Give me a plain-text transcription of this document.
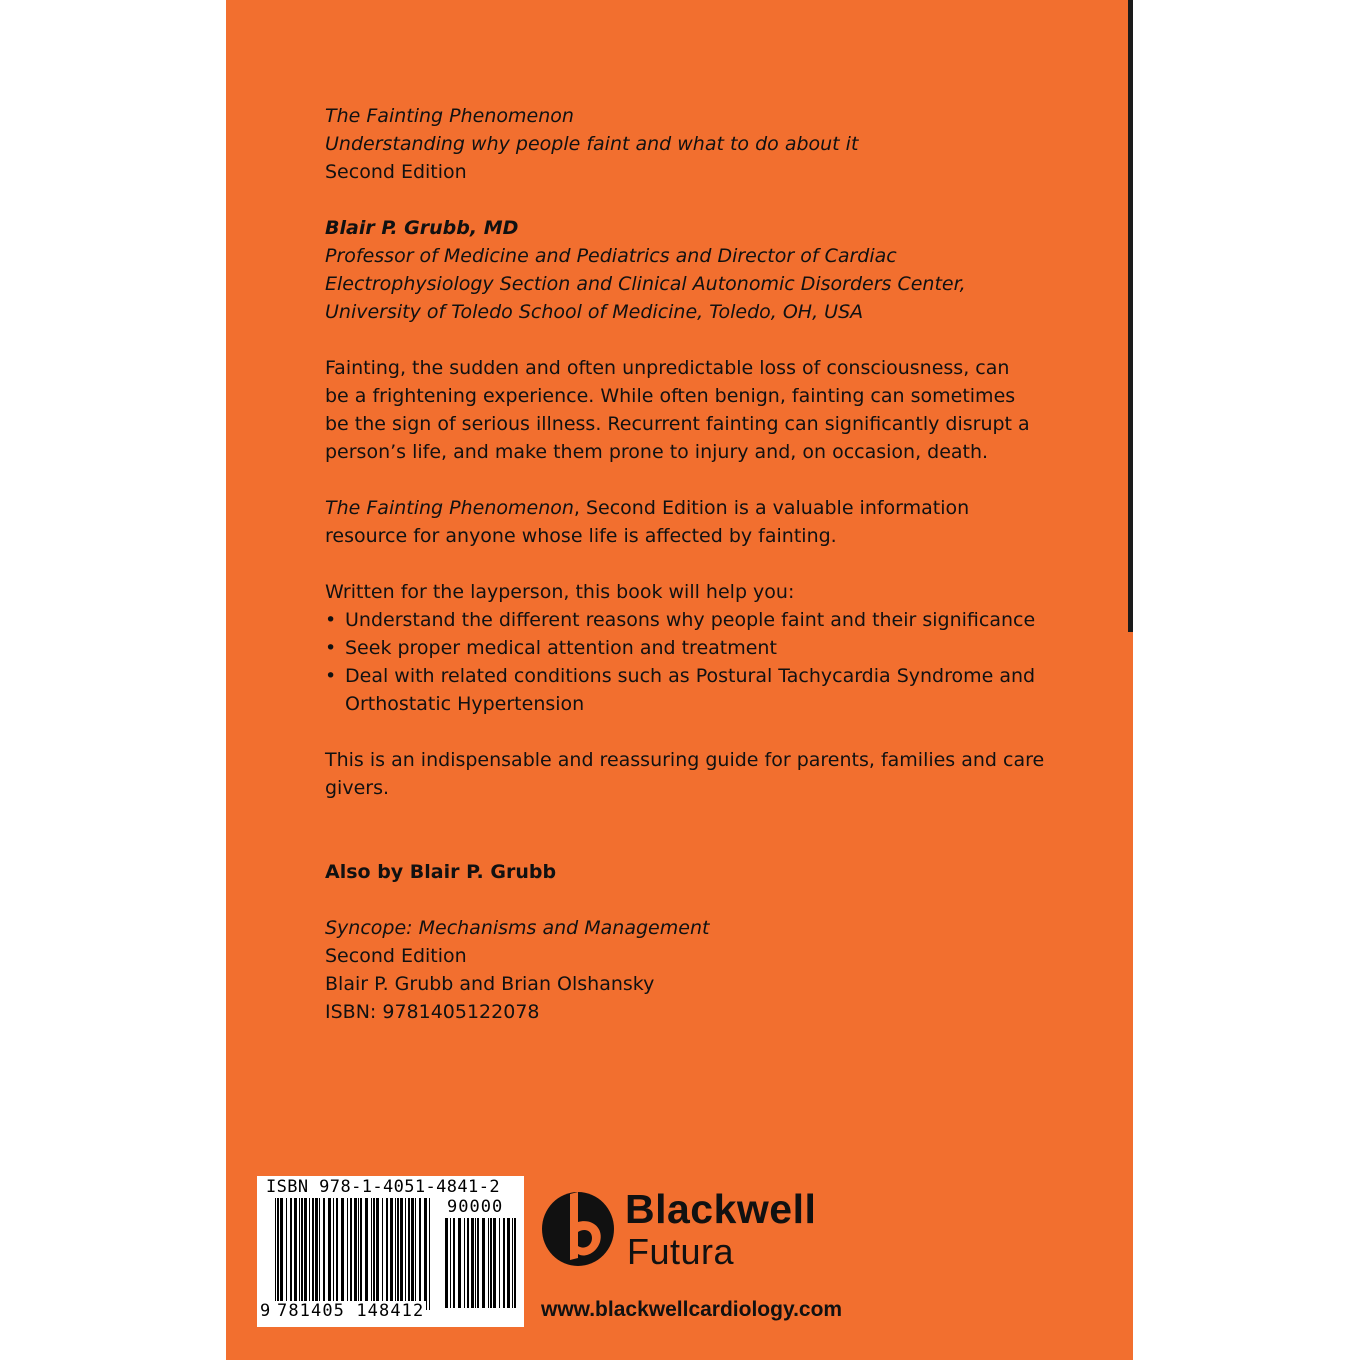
The Fainting Phenomenon
Understanding why people faint and what to do about it
Second Edition
Blair P. Grubb, MD
Professor of Medicine and Pediatrics and Director of Cardiac
Electrophysiology Section and Clinical Autonomic Disorders Center,
University of Toledo School of Medicine, Toledo, OH, USA
Fainting, the sudden and often unpredictable loss of consciousness, can
be a frightening experience. While often benign, fainting can sometimes
be the sign of serious illness. Recurrent fainting can significantly disrupt a
person’s life, and make them prone to injury and, on occasion, death.
The Fainting Phenomenon, Second Edition is a valuable information
resource for anyone whose life is affected by fainting.
Written for the layperson, this book will help you:
• Understand the different reasons why people faint and their significance
• Seek proper medical attention and treatment
• Deal with related conditions such as Postural Tachycardia Syndrome and
Orthostatic Hypertension
This is an indispensable and reassuring guide for parents, families and care
givers.
Also by Blair P. Grubb
Syncope: Mechanisms and Management
Second Edition
Blair P. Grubb and Brian Olshansky
ISBN: 9781405122078
ISBN 978-1-4051-4841-2
90000
9 781405 148412
Blackwell
Futura
www.blackwellcardiology.com
